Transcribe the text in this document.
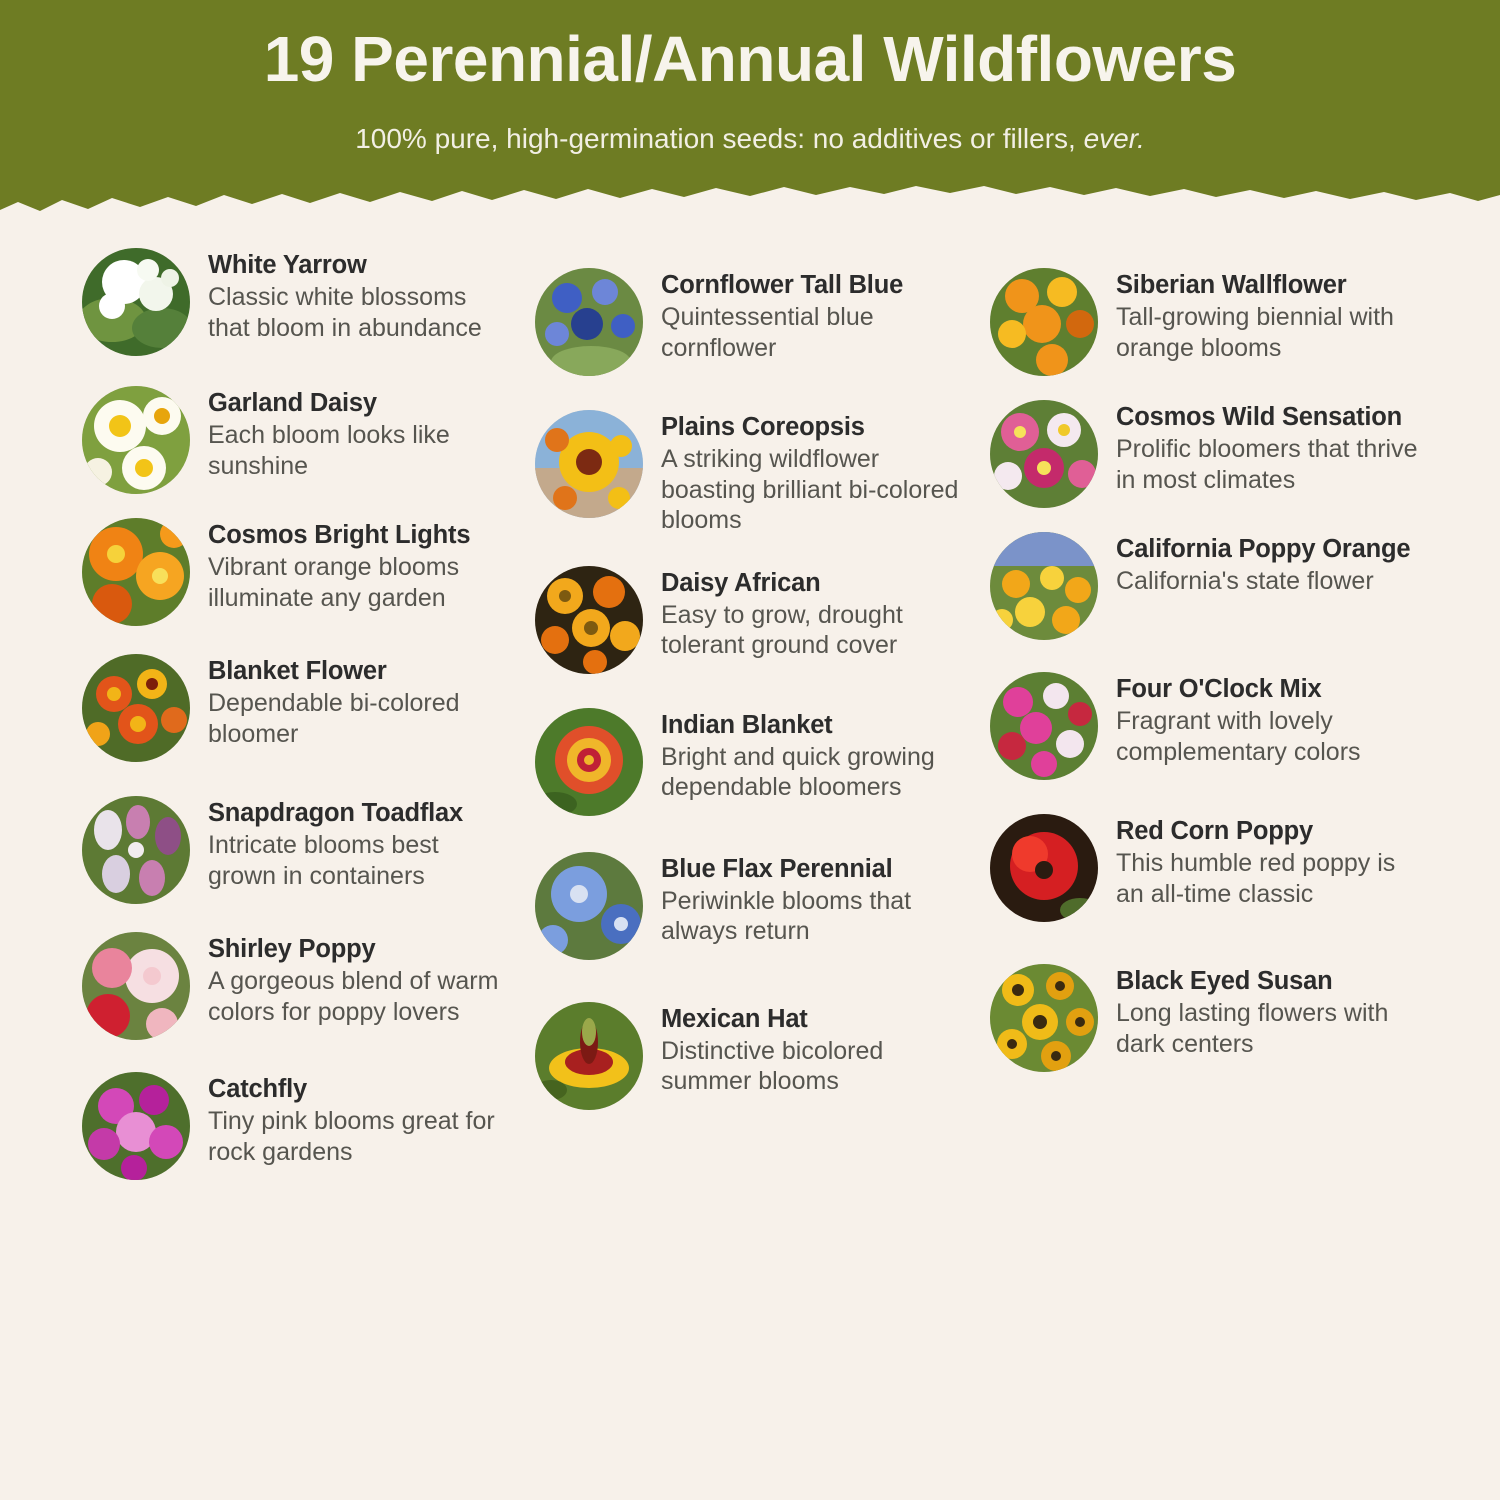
19 Perennial/Annual Wildflowers
100% pure, high-germination seeds: no additives or fillers, ever.
White Yarrow
Classic white blossoms that bloom in abundance
Garland Daisy
Each bloom looks like sunshine
Cosmos Bright Lights
Vibrant orange blooms illuminate any garden
Blanket Flower
Dependable bi-colored bloomer
Snapdragon Toadflax
Intricate blooms best grown in containers
Shirley Poppy
A gorgeous blend of warm colors for poppy lovers
Catchfly
Tiny pink blooms great for rock gardens
Cornflower Tall Blue
Quintessential blue cornflower
Plains Coreopsis
A striking wildflower boasting brilliant bi-colored blooms
Daisy African
Easy to grow, drought tolerant ground cover
Indian Blanket
Bright and quick growing dependable bloomers
Blue Flax Perennial
Periwinkle blooms that always return
Mexican Hat
Distinctive bicolored summer blooms
Siberian Wallflower
Tall-growing biennial with orange blooms
Cosmos Wild Sensation
Prolific bloomers that thrive in most climates
California Poppy Orange
California's state flower
Four O'Clock Mix
Fragrant with lovely complementary colors
Red Corn Poppy
This humble red poppy is an all-time classic
Black Eyed Susan
Long lasting flowers with dark centers
